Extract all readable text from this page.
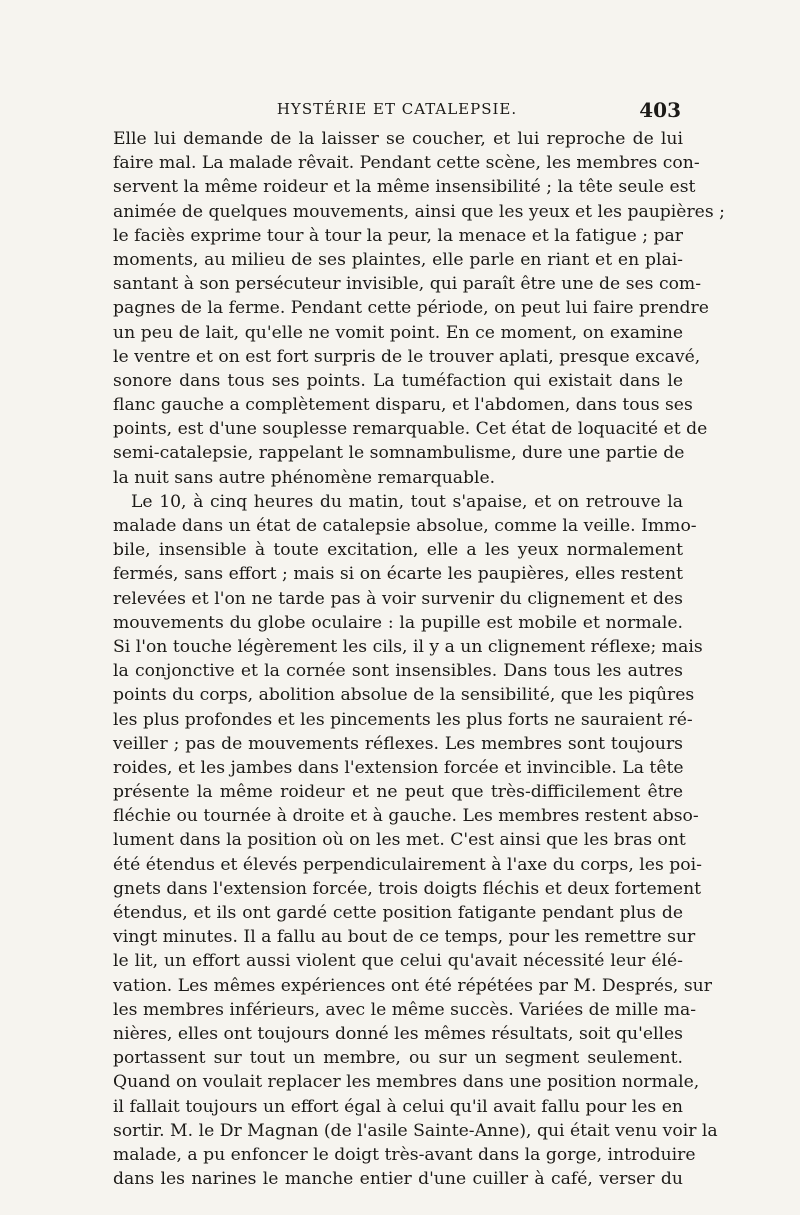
HYSTÉRIE ET CATALEPSIE.	403
Elle lui demande de la laisser se coucher, et lui reproche de lui
faire mal. La malade rêvait. Pendant cette scène, les membres con-
servent la même roideur et la même insensibilité ; la tête seule est
animée de quelques mouvements, ainsi que les yeux et les paupières ;
le faciès exprime tour à tour la peur, la menace et la fatigue ; par
moments, au milieu de ses plaintes, elle parle en riant et en plai-
santant à son persécuteur invisible, qui paraît être une de ses com-
pagnes de la ferme. Pendant cette période, on peut lui faire prendre
un peu de lait, qu'elle ne vomit point. En ce moment, on examine
le ventre et on est fort surpris de le trouver aplati, presque excavé,
sonore dans tous ses points. La tuméfaction qui existait dans le
flanc gauche a complètement disparu, et l'abdomen, dans tous ses
points, est d'une souplesse remarquable. Cet état de loquacité et de
semi-catalepsie, rappelant le somnambulisme, dure une partie de
la nuit sans autre phénomène remarquable.
Le 10, à cinq heures du matin, tout s'apaise, et on retrouve la
malade dans un état de catalepsie absolue, comme la veille. Immo-
bile, insensible à toute excitation, elle a les yeux normalement
fermés, sans effort ; mais si on écarte les paupières, elles restent
relevées et l'on ne tarde pas à voir survenir du clignement et des
mouvements du globe oculaire : la pupille est mobile et normale.
Si l'on touche légèrement les cils, il y a un clignement réflexe; mais
la conjonctive et la cornée sont insensibles. Dans tous les autres
points du corps, abolition absolue de la sensibilité, que les piqûres
les plus profondes et les pincements les plus forts ne sauraient ré-
veiller ; pas de mouvements réflexes. Les membres sont toujours
roides, et les jambes dans l'extension forcée et invincible. La tête
présente la même roideur et ne peut que très-difficilement être
fléchie ou tournée à droite et à gauche. Les membres restent abso-
lument dans la position où on les met. C'est ainsi que les bras ont
été étendus et élevés perpendiculairement à l'axe du corps, les poi-
gnets dans l'extension forcée, trois doigts fléchis et deux fortement
étendus, et ils ont gardé cette position fatigante pendant plus de
vingt minutes. Il a fallu au bout de ce temps, pour les remettre sur
le lit, un effort aussi violent que celui qu'avait nécessité leur élé-
vation. Les mêmes expériences ont été répétées par M. Després, sur
les membres inférieurs, avec le même succès. Variées de mille ma-
nières, elles ont toujours donné les mêmes résultats, soit qu'elles
portassent sur tout un membre, ou sur un segment seulement.
Quand on voulait replacer les membres dans une position normale,
il fallait toujours un effort égal à celui qu'il avait fallu pour les en
sortir. M. le Dr Magnan (de l'asile Sainte-Anne), qui était venu voir la
malade, a pu enfoncer le doigt très-avant dans la gorge, introduire
dans les narines le manche entier d'une cuiller à café, verser du
